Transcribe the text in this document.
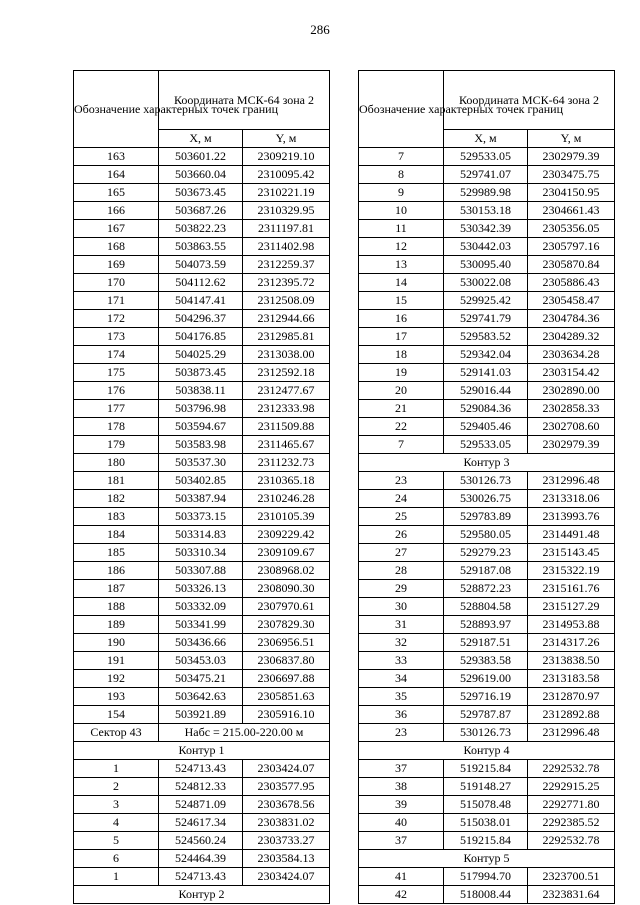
286
Обозначение характерных точек границ	Координата МСК-64 зона 2	
	X, м	Y, м
163	503601.22	2309219.10
164	503660.04	2310095.42
165	503673.45	2310221.19
166	503687.26	2310329.95
167	503822.23	2311197.81
168	503863.55	2311402.98
169	504073.59	2312259.37
170	504112.62	2312395.72
171	504147.41	2312508.09
172	504296.37	2312944.66
173	504176.85	2312985.81
174	504025.29	2313038.00
175	503873.45	2312592.18
176	503838.11	2312477.67
177	503796.98	2312333.98
178	503594.67	2311509.88
179	503583.98	2311465.67
180	503537.30	2311232.73
181	503402.85	2310365.18
182	503387.94	2310246.28
183	503373.15	2310105.39
184	503314.83	2309229.42
185	503310.34	2309109.67
186	503307.88	2308968.02
187	503326.13	2308090.30
188	503332.09	2307970.61
189	503341.99	2307829.30
190	503436.66	2306956.51
191	503453.03	2306837.80
192	503475.21	2306697.88
193	503642.63	2305851.63
154	503921.89	2305916.10
Сектор 43	Набс = 215.00-220.00 м	
Контур 1		
1	524713.43	2303424.07
2	524812.33	2303577.95
3	524871.09	2303678.56
4	524617.34	2303831.02
5	524560.24	2303733.27
6	524464.39	2303584.13
1	524713.43	2303424.07
Контур 2		
Обозначение характерных точек границ	Координата МСК-64 зона 2	
	X, м	Y, м
7	529533.05	2302979.39
8	529741.07	2303475.75
9	529989.98	2304150.95
10	530153.18	2304661.43
11	530342.39	2305356.05
12	530442.03	2305797.16
13	530095.40	2305870.84
14	530022.08	2305886.43
15	529925.42	2305458.47
16	529741.79	2304784.36
17	529583.52	2304289.32
18	529342.04	2303634.28
19	529141.03	2303154.42
20	529016.44	2302890.00
21	529084.36	2302858.33
22	529405.46	2302708.60
7	529533.05	2302979.39
Контур 3		
23	530126.73	2312996.48
24	530026.75	2313318.06
25	529783.89	2313993.76
26	529580.05	2314491.48
27	529279.23	2315143.45
28	529187.08	2315322.19
29	528872.23	2315161.76
30	528804.58	2315127.29
31	528893.97	2314953.88
32	529187.51	2314317.26
33	529383.58	2313838.50
34	529619.00	2313183.58
35	529716.19	2312870.97
36	529787.87	2312892.88
23	530126.73	2312996.48
Контур 4		
37	519215.84	2292532.78
38	519148.27	2292915.25
39	515078.48	2292771.80
40	515038.01	2292385.52
37	519215.84	2292532.78
Контур 5		
41	517994.70	2323700.51
42	518008.44	2323831.64
